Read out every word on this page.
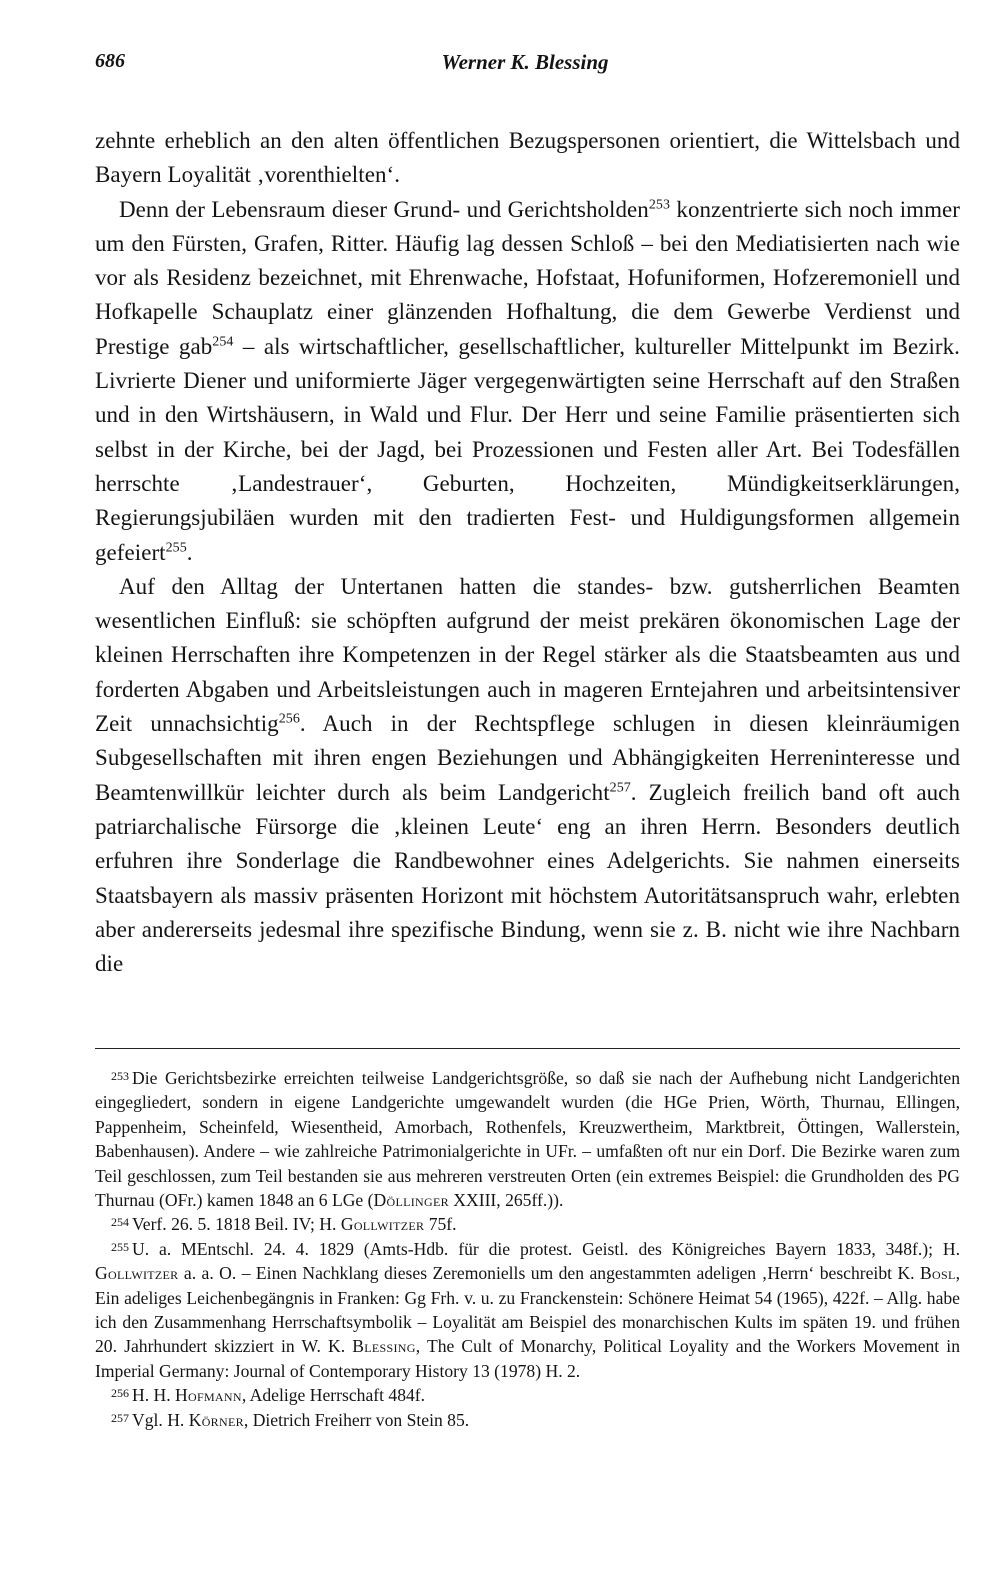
686	Werner K. Blessing

zehnte erheblich an den alten öffentlichen Bezugspersonen orientiert, die Wittelsbach und Bayern Loyalität ‚vorenthielten‘.

Denn der Lebensraum dieser Grund- und Gerichtsholden$^{253}$ konzentrierte sich noch immer um den Fürsten, Grafen, Ritter. Häufig lag dessen Schloß – bei den Mediatisierten nach wie vor als Residenz bezeichnet, mit Ehrenwache, Hofstaat, Hofuniformen, Hofzeremoniell und Hofkapelle Schauplatz einer glänzenden Hofhaltung, die dem Gewerbe Verdienst und Prestige gab$^{254}$ – als wirtschaftlicher, gesellschaftlicher, kultureller Mittelpunkt im Bezirk. Livrierte Diener und uniformierte Jäger vergegenwärtigten seine Herrschaft auf den Straßen und in den Wirtshäusern, in Wald und Flur. Der Herr und seine Familie präsentierten sich selbst in der Kirche, bei der Jagd, bei Prozessionen und Festen aller Art. Bei Todesfällen herrschte ‚Landestrauer‘, Geburten, Hochzeiten, Mündigkeitserklärungen, Regierungsjubiläen wurden mit den tradierten Fest- und Huldigungsformen allgemein gefeiert$^{255}$.

Auf den Alltag der Untertanen hatten die standes- bzw. gutsherrlichen Beamten wesentlichen Einfluß: sie schöpften aufgrund der meist prekären ökonomischen Lage der kleinen Herrschaften ihre Kompetenzen in der Regel stärker als die Staatsbeamten aus und forderten Abgaben und Arbeitsleistungen auch in mageren Erntejahren und arbeitsintensiver Zeit unnachsichtig$^{256}$. Auch in der Rechtspflege schlugen in diesen kleinräumigen Subgesellschaften mit ihren engen Beziehungen und Abhängigkeiten Herreninteresse und Beamtenwillkür leichter durch als beim Landgericht$^{257}$. Zugleich freilich band oft auch patriarchalische Fürsorge die ‚kleinen Leute‘ eng an ihren Herrn. Besonders deutlich erfuhren ihre Sonderlage die Randbewohner eines Adelgerichts. Sie nahmen einerseits Staatsbayern als massiv präsenten Horizont mit höchstem Autoritätsanspruch wahr, erlebten aber andererseits jedesmal ihre spezifische Bindung, wenn sie z. B. nicht wie ihre Nachbarn die

$^{253}$ Die Gerichtsbezirke erreichten teilweise Landgerichtsgröße, so daß sie nach der Aufhebung nicht Landgerichten eingegliedert, sondern in eigene Landgerichte umgewandelt wurden (die HGe Prien, Wörth, Thurnau, Ellingen, Pappenheim, Scheinfeld, Wiesentheid, Amorbach, Rothenfels, Kreuzwertheim, Marktbreit, Öttingen, Wallerstein, Babenhausen). Andere – wie zahlreiche Patrimonialgerichte in UFr. – umfaßten oft nur ein Dorf. Die Bezirke waren zum Teil geschlossen, zum Teil bestanden sie aus mehreren verstreuten Orten (ein extremes Beispiel: die Grundholden des PG Thurnau (OFr.) kamen 1848 an 6 LGe (Döllinger XXIII, 265ff.)).

$^{254}$ Verf. 26. 5. 1818 Beil. IV; H. Gollwitzer 75f.

$^{255}$ U. a. MEntschl. 24. 4. 1829 (Amts-Hdb. für die protest. Geistl. des Königreiches Bayern 1833, 348f.); H. Gollwitzer a. a. O. – Einen Nachklang dieses Zeremoniells um den angestammten adeligen ‚Herrn‘ beschreibt K. Bosl, Ein adeliges Leichenbegängnis in Franken: Gg Frh. v. u. zu Franckenstein: Schönere Heimat 54 (1965), 422f. – Allg. habe ich den Zusammenhang Herrschaftsymbolik – Loyalität am Beispiel des monarchischen Kults im späten 19. und frühen 20. Jahrhundert skizziert in W. K. Blessing, The Cult of Monarchy, Political Loyality and the Workers Movement in Imperial Germany: Journal of Contemporary History 13 (1978) H. 2.

$^{256}$ H. H. Hofmann, Adelige Herrschaft 484f.

$^{257}$ Vgl. H. Körner, Dietrich Freiherr von Stein 85.
